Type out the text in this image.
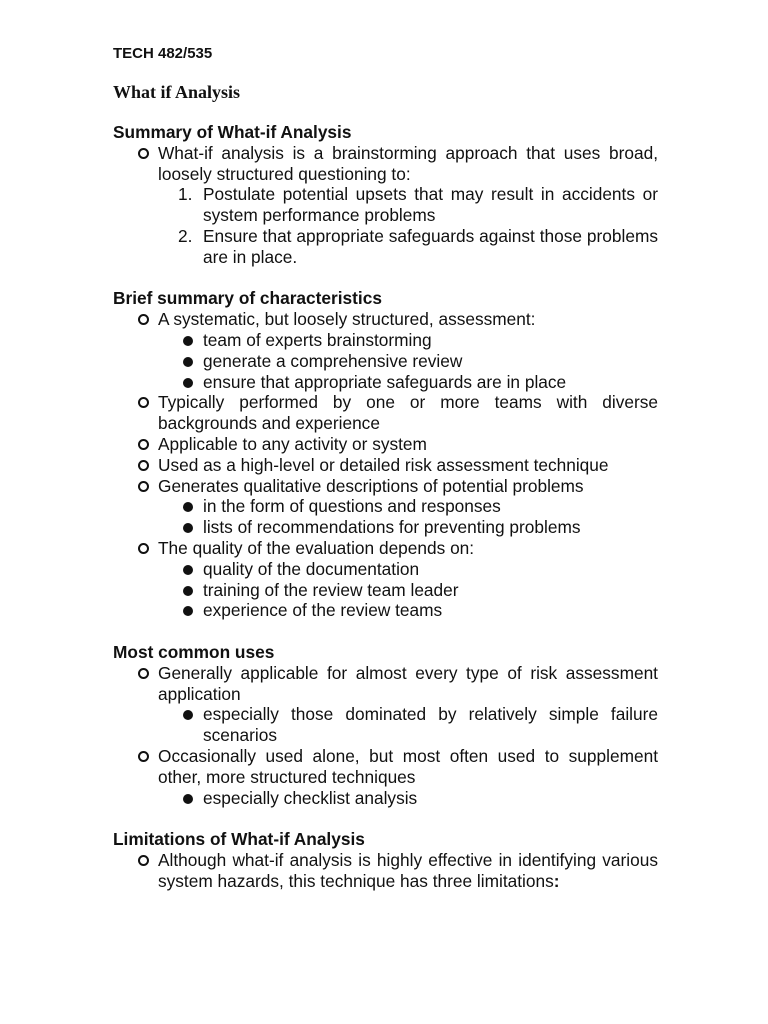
TECH 482/535
What if Analysis
Summary of What-if Analysis
What-if analysis is a brainstorming approach that uses broad, loosely structured questioning to:
1. Postulate potential upsets that may result in accidents or system performance problems
2. Ensure that appropriate safeguards against those problems are in place.
Brief summary of characteristics
A systematic, but loosely structured, assessment:
team of experts brainstorming
generate a comprehensive review
ensure that appropriate safeguards are in place
Typically performed by one or more teams with diverse backgrounds and experience
Applicable to any activity or system
Used as a high-level or detailed risk assessment technique
Generates qualitative descriptions of potential problems
in the form of questions and responses
lists of recommendations for preventing problems
The quality of the evaluation depends on:
quality of the documentation
training of the review team leader
experience of the review teams
Most common uses
Generally applicable for almost every type of risk assessment application
especially those dominated by relatively simple failure scenarios
Occasionally used alone, but most often used to supplement other, more structured techniques
especially checklist analysis
Limitations of What-if Analysis
Although what-if analysis is highly effective in identifying various system hazards, this technique has three limitations:
